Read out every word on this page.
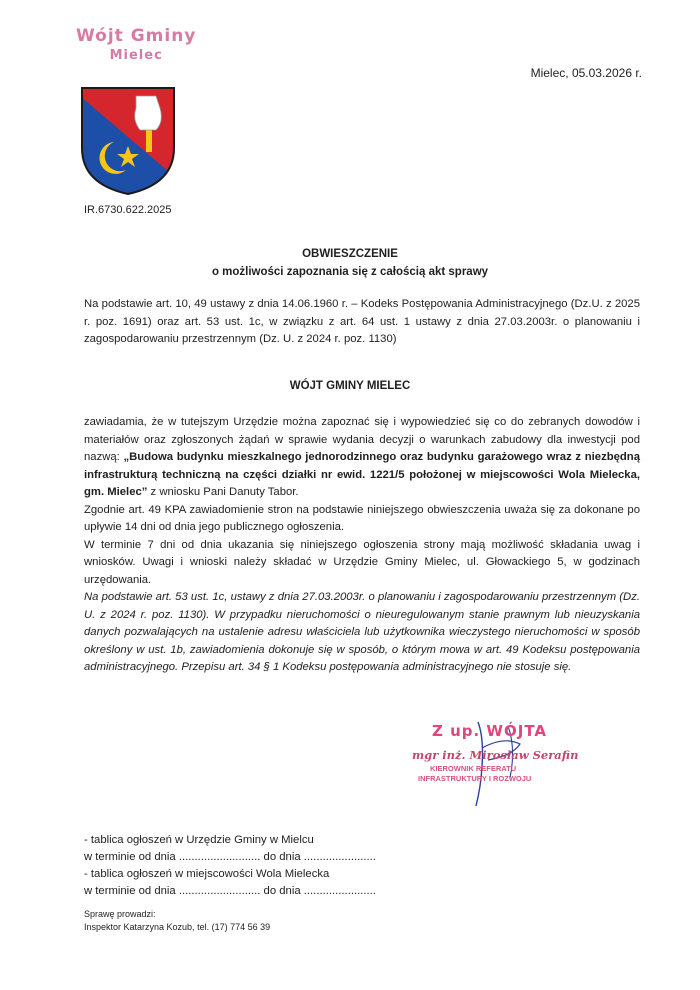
Wójt Gminy
Mielec
Mielec, 05.03.2026 r.
IR.6730.622.2025
OBWIESZCZENIE
o możliwości zapoznania się z całością akt sprawy
Na podstawie art. 10, 49 ustawy z dnia 14.06.1960 r. – Kodeks Postępowania Administracyjnego (Dz.U. z 2025 r. poz. 1691) oraz art. 53 ust. 1c, w związku z art. 64 ust. 1 ustawy z dnia 27.03.2003r. o planowaniu i zagospodarowaniu przestrzennym (Dz. U. z 2024 r. poz. 1130)
WÓJT GMINY MIELEC

zawiadamia, że w tutejszym Urzędzie można zapoznać się i wypowiedzieć się co do zebranych dowodów i materiałów oraz zgłoszonych żądań w sprawie wydania decyzji o warunkach zabudowy dla inwestycji pod nazwą: „Budowa budynku mieszkalnego jednorodzinnego oraz budynku garażowego wraz z niezbędną infrastrukturą techniczną na części działki nr ewid. 1221/5 położonej w miejscowości Wola Mielecka, gm. Mielec” z wniosku Pani Danuty Tabor.

Zgodnie art. 49 KPA zawiadomienie stron na podstawie niniejszego obwieszczenia uważa się za dokonane po upływie 14 dni od dnia jego publicznego ogłoszenia.

W terminie 7 dni od dnia ukazania się niniejszego ogłoszenia strony mają możliwość składania uwag i wniosków. Uwagi i wnioski należy składać w Urzędzie Gminy Mielec, ul. Głowackiego 5, w godzinach urzędowania.

Na podstawie art. 53 ust. 1c, ustawy z dnia 27.03.2003r. o planowaniu i zagospodarowaniu przestrzennym (Dz. U. z 2024 r. poz. 1130). W przypadku nieruchomości o nieuregulowanym stanie prawnym lub nieuzyskania danych pozwalających na ustalenie adresu właściciela lub użytkownika wieczystego nieruchomości w sposób określony w ust. 1b, zawiadomienia dokonuje się w sposób, o którym mowa w art. 49 Kodeksu postępowania administracyjnego. Przepisu art. 34 § 1 Kodeksu postępowania administracyjnego nie stosuje się.

Z up. WÓJTA
mgr inż. Mirosław Serafin
KIEROWNIK REFERATU
INFRASTRUKTURY I ROZWOJU
- tablica ogłoszeń w Urzędzie Gminy w Mielcu
w terminie od dnia .......................... do dnia .......................
- tablica ogłoszeń w miejscowości Wola Mielecka
w terminie od dnia .......................... do dnia .......................
Sprawę prowadzi:
Inspektor Katarzyna Kozub, tel. (17) 774 56 39
